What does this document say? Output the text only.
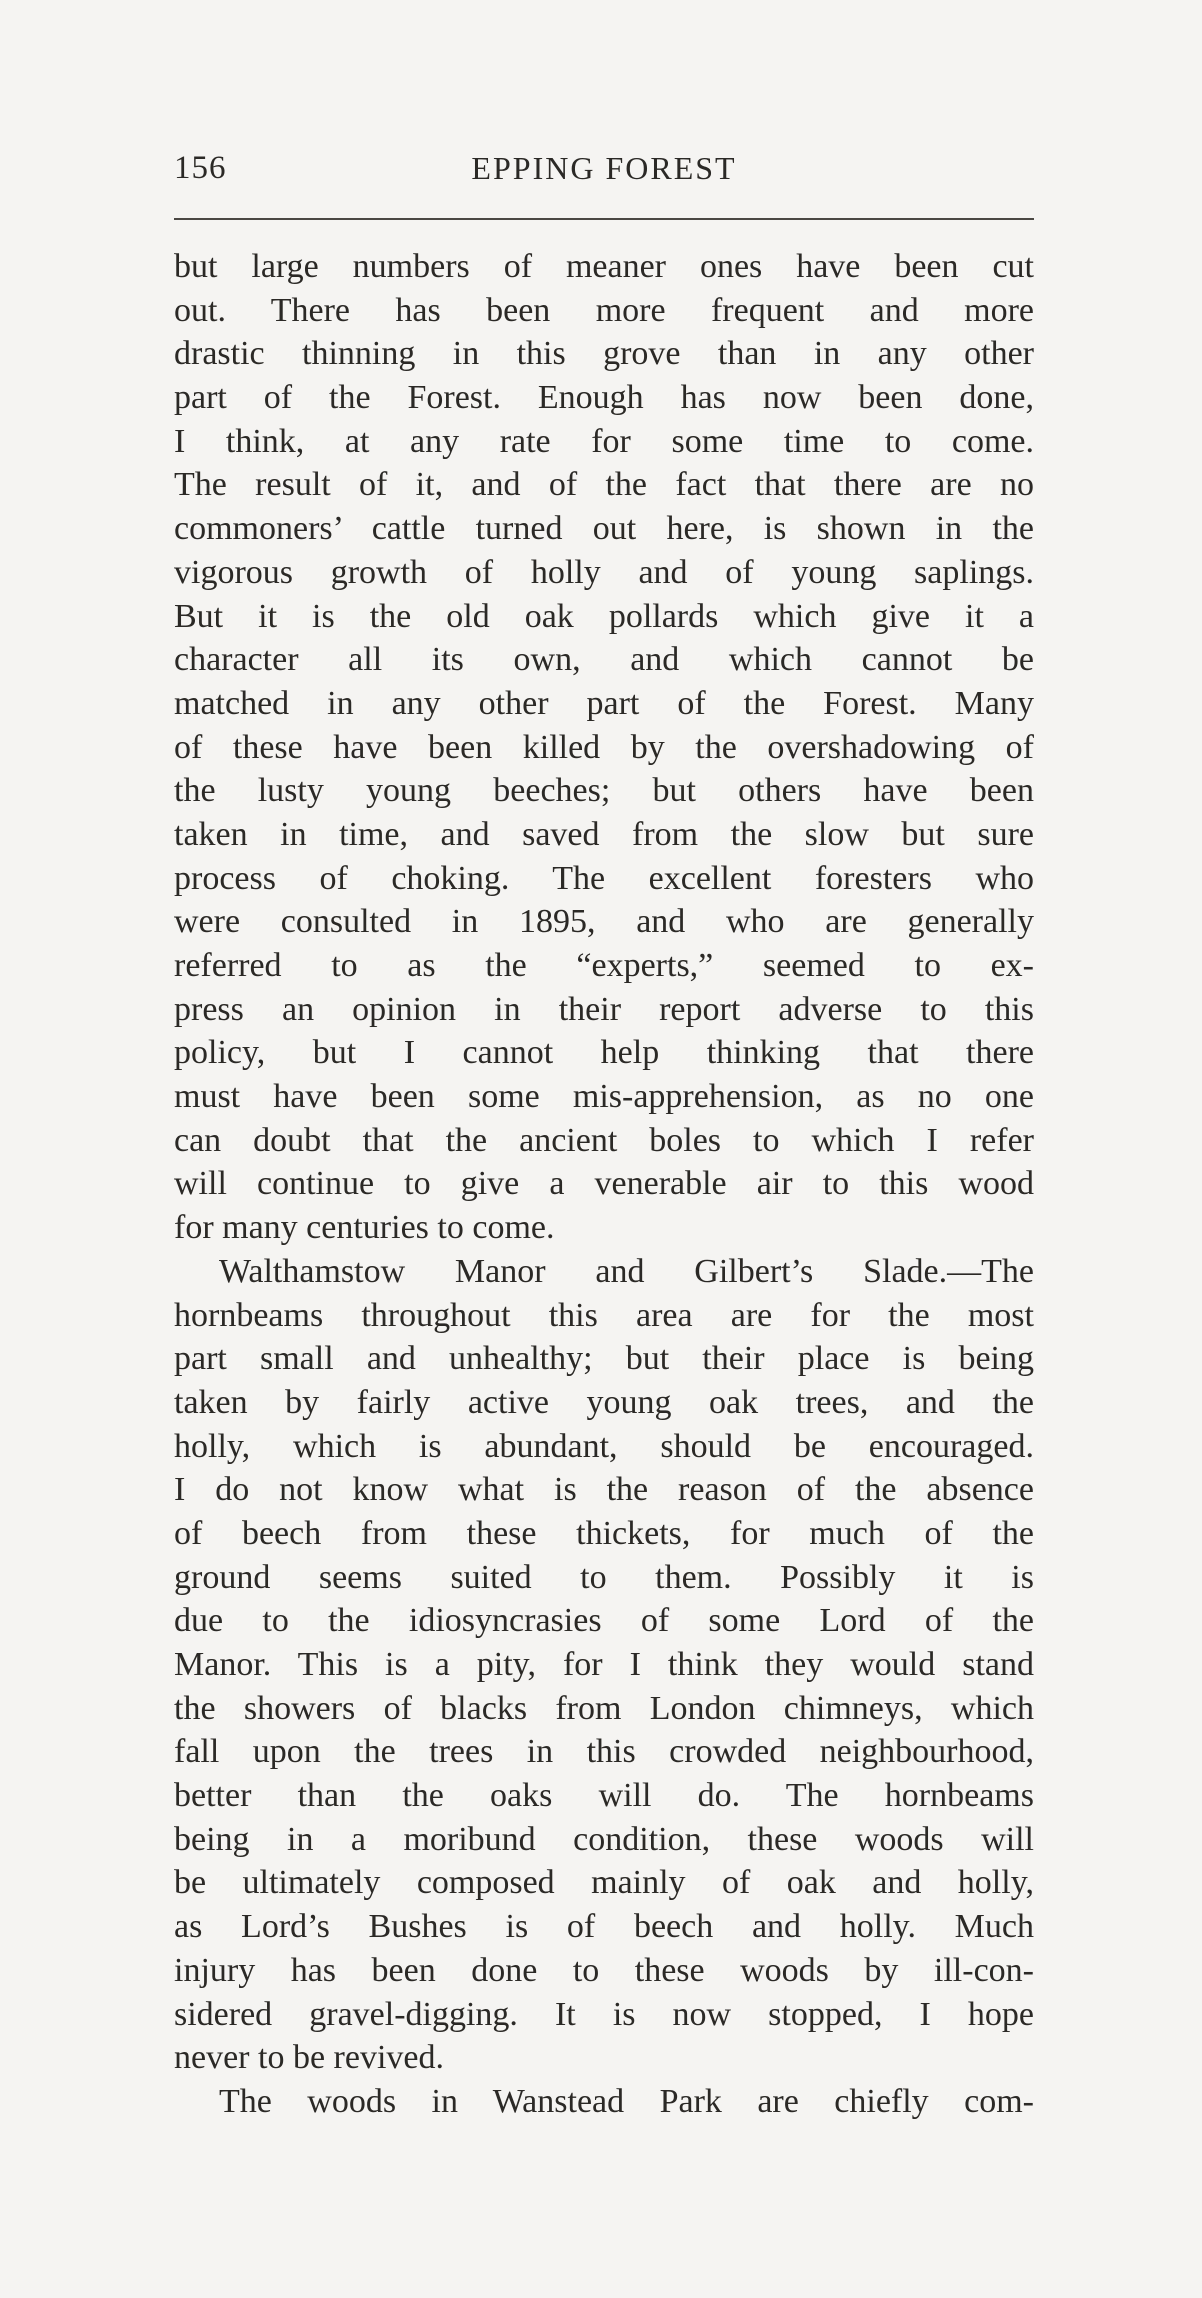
156	EPPING FOREST
but large numbers of meaner ones have been cut
out. There has been more frequent and more
drastic thinning in this grove than in any other
part of the Forest. Enough has now been done,
I think, at any rate for some time to come.
The result of it, and of the fact that there are no
commoners’ cattle turned out here, is shown in the
vigorous growth of holly and of young saplings.
But it is the old oak pollards which give it a
character all its own, and which cannot be
matched in any other part of the Forest. Many
of these have been killed by the overshadowing of
the lusty young beeches; but others have been
taken in time, and saved from the slow but sure
process of choking. The excellent foresters who
were consulted in 1895, and who are generally
referred to as the “experts,” seemed to ex-
press an opinion in their report adverse to this
policy, but I cannot help thinking that there
must have been some mis-apprehension, as no one
can doubt that the ancient boles to which I refer
will continue to give a venerable air to this wood
for many centuries to come.
Walthamstow Manor and Gilbert’s Slade.—The
hornbeams throughout this area are for the most
part small and unhealthy; but their place is being
taken by fairly active young oak trees, and the
holly, which is abundant, should be encouraged.
I do not know what is the reason of the absence
of beech from these thickets, for much of the
ground seems suited to them. Possibly it is
due to the idiosyncrasies of some Lord of the
Manor. This is a pity, for I think they would stand
the showers of blacks from London chimneys, which
fall upon the trees in this crowded neighbourhood,
better than the oaks will do. The hornbeams
being in a moribund condition, these woods will
be ultimately composed mainly of oak and holly,
as Lord’s Bushes is of beech and holly. Much
injury has been done to these woods by ill-con-
sidered gravel-digging. It is now stopped, I hope
never to be revived.
The woods in Wanstead Park are chiefly com-
